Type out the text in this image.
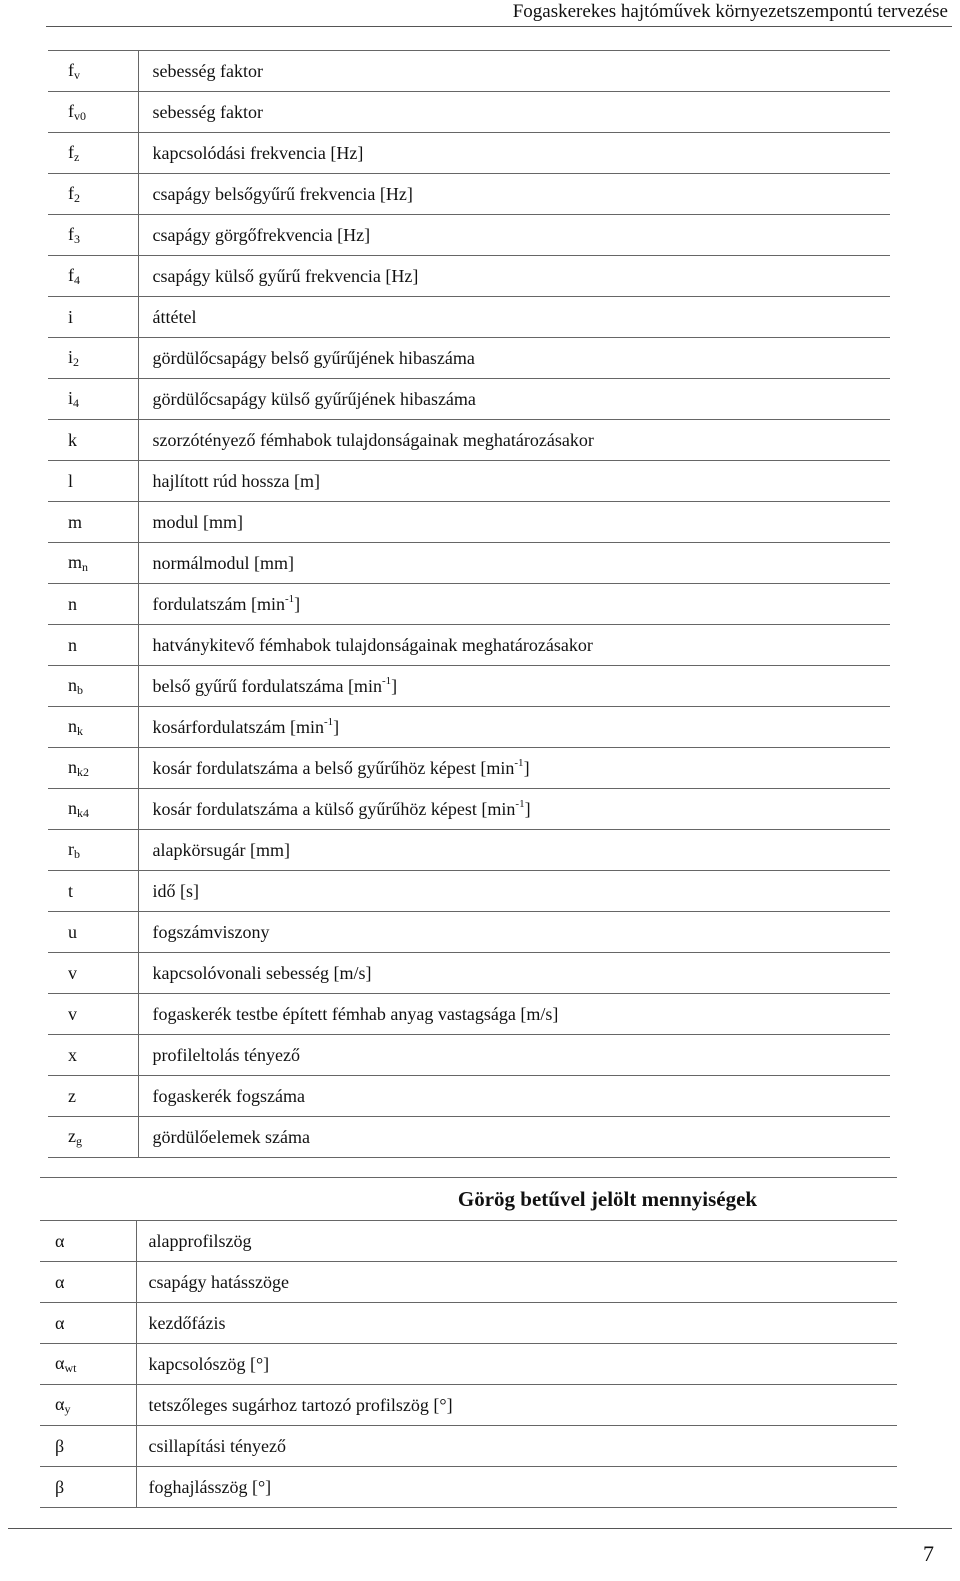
Fogaskerekes hajtóművek környezetszempontú tervezése
$f_v$	sebesség faktor
$f_{v0}$	sebesség faktor
$f_z$	kapcsolódási frekvencia [Hz]
$f_2$	csapágy belsőgyűrű frekvencia [Hz]
$f_3$	csapágy görgőfrekvencia [Hz]
$f_4$	csapágy külső gyűrű frekvencia [Hz]
i	áttétel
$i_2$	gördülőcsapágy belső gyűrűjének hibaszáma
$i_4$	gördülőcsapágy külső gyűrűjének hibaszáma
k	szorzótényező fémhabok tulajdonságainak meghatározásakor
l	hajlított rúd hossza [m]
m	modul [mm]
$m_n$	normálmodul [mm]
n	fordulatszám $[\min^{-1}]$
n	hatványkitevő fémhabok tulajdonságainak meghatározásakor
$n_b$	belső gyűrű fordulatszáma $[\min^{-1}]$
$n_k$	kosárfordulatszám $[\min^{-1}]$
$n_{k2}$	kosár fordulatszáma a belső gyűrűhöz képest $[\min^{-1}]$
$n_{k4}$	kosár fordulatszáma a külső gyűrűhöz képest $[\min^{-1}]$
$r_b$	alapkörsugár [mm]
t	idő [s]
u	fogszámviszony
v	kapcsolóvonali sebesség [m/s]
v	fogaskerék testbe épített fémhab anyag vastagsága [m/s]
x	profileltolás tényező
z	fogaskerék fogszáma
$z_g$	gördülőelemek száma

	Görög betűvel jelölt mennyiségek

α	alapprofilszög
α	csapágy hatásszöge
α	kezdőfázis
$\alpha_{wt}$	kapcsolószög [°]
$\alpha_y$	tetszőleges sugárhoz tartozó profilszög [°]
β	csillapítási tényező
β	foghajlásszög [°]
7
